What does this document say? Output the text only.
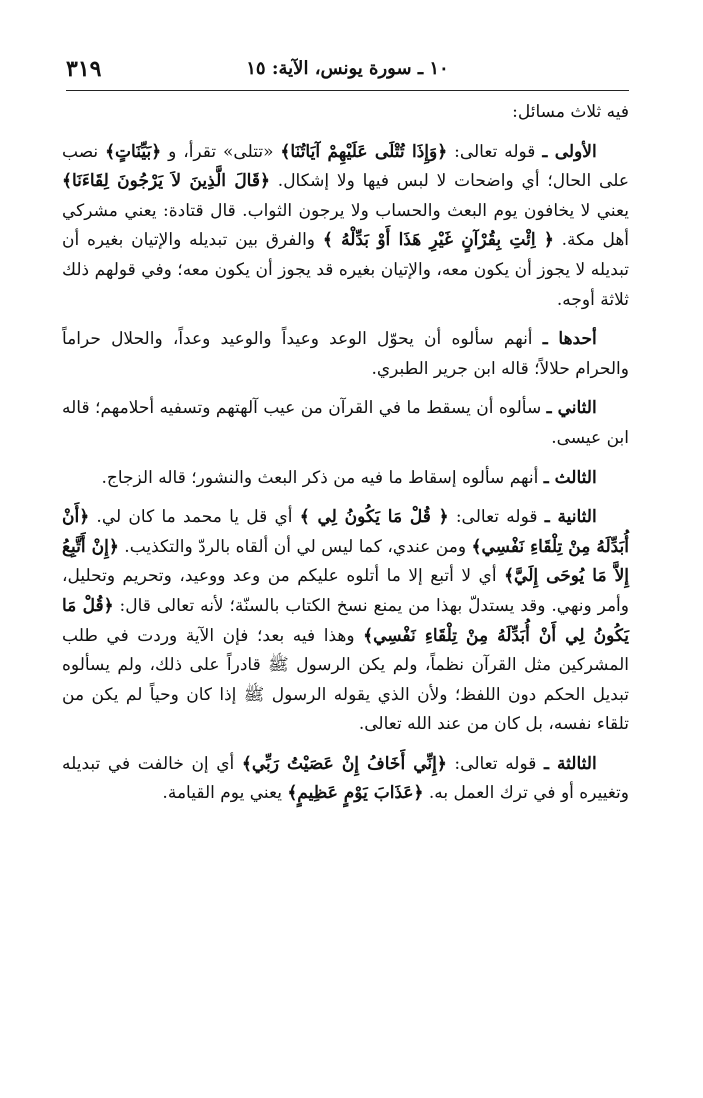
٣١٩	١٠ ـ سورة يونس، الآية: ١٥

فيه ثلاث مسائل:

الأولى ـ قوله تعالى: ﴿وَإِذَا تُتْلَى عَلَيْهِمْ آيَاتُنَا﴾ «تتلى» تقرأ، و ﴿بَيِّنَاتٍ﴾ نصب على الحال؛ أي واضحات لا لبس فيها ولا إشكال. ﴿قَالَ الَّذِينَ لاَ يَرْجُونَ لِقَاءَنَا﴾ يعني لا يخافون يوم البعث والحساب ولا يرجون الثواب. قال قتادة: يعني مشركي أهل مكة. ﴿ اِئْتِ بِقُرْآنٍ غَيْرِ هَذَا أَوْ بَدِّلْهُ ﴾ والفرق بين تبديله والإتيان بغيره أن تبديله لا يجوز أن يكون معه، والإتيان بغيره قد يجوز أن يكون معه؛ وفي قولهم ذلك ثلاثة أوجه.

أحدها ـ أنهم سألوه أن يحوّل الوعد وعيداً والوعيد وعداً، والحلال حراماً والحرام حلالاً؛ قاله ابن جرير الطبري.

الثاني ـ سألوه أن يسقط ما في القرآن من عيب آلهتهم وتسفيه أحلامهم؛ قاله ابن عيسى.

الثالث ـ أنهم سألوه إسقاط ما فيه من ذكر البعث والنشور؛ قاله الزجاج.

الثانية ـ قوله تعالى: ﴿ قُلْ مَا يَكُونُ لِي ﴾ أي قل يا محمد ما كان لي. ﴿أَنْ أُبَدِّلَهُ مِنْ تِلْقَاءِ نَفْسِي﴾ ومن عندي، كما ليس لي أن ألقاه بالردّ والتكذيب. ﴿إِنْ أَتَّبِعُ إِلاَّ مَا يُوحَى إِلَيَّ﴾ أي لا أتبع إلا ما أتلوه عليكم من وعد ووعيد، وتحريم وتحليل، وأمر ونهي. وقد يستدلّ بهذا من يمنع نسخ الكتاب بالسنّة؛ لأنه تعالى قال: ﴿قُلْ مَا يَكُونُ لِي أَنْ أُبَدِّلَهُ مِنْ تِلْقَاءِ نَفْسِي﴾ وهذا فيه بعد؛ فإن الآية وردت في طلب المشركين مثل القرآن نظماً، ولم يكن الرسول ﷺ قادراً على ذلك، ولم يسألوه تبديل الحكم دون اللفظ؛ ولأن الذي يقوله الرسول ﷺ إذا كان وحياً لم يكن من تلقاء نفسه، بل كان من عند الله تعالى.

الثالثة ـ قوله تعالى: ﴿إِنِّي أَخَافُ إِنْ عَصَيْتُ رَبِّي﴾ أي إن خالفت في تبديله وتغييره أو في ترك العمل به. ﴿عَذَابَ يَوْمٍ عَظِيمٍ﴾ يعني يوم القيامة.
